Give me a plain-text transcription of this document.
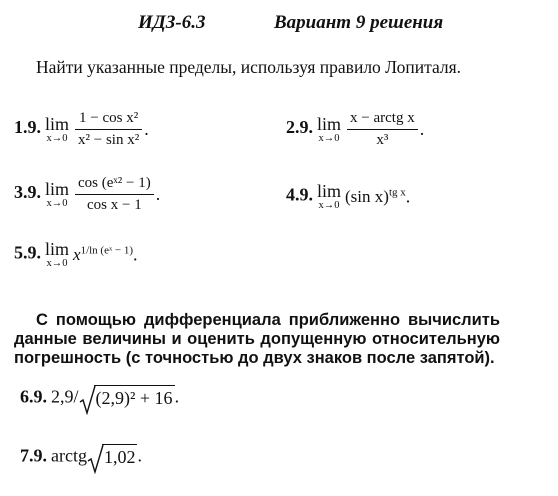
ИДЗ-6.3	Вариант 9 решения
Найти указанные пределы, используя правило Лопиталя.
1.9. lim
x→0
$\frac{\text{1 − cos x²}}{\text{x² − sin x²}}$ .	2.9. lim
x→0
$\frac{\text{x − arctg x}}{\text{x³}}$ .
3.9. lim
x→0
$\frac{\text{cos (eˣ² − 1)}}{\text{cos x − 1}}$ .	4.9. lim
x→0 (sin x)$^{tg x}$.
5.9. lim
x→0 $x^{1/ln (eˣ - 1)}$.
С помощью дифференциала приближенно вычислить данные величины и оценить допущенную относительную погрешность (с точностью до двух знаков после запятой).
6.9. 2,9/ (2,9)² + 16 .
7.9. arctg 1,02 .
